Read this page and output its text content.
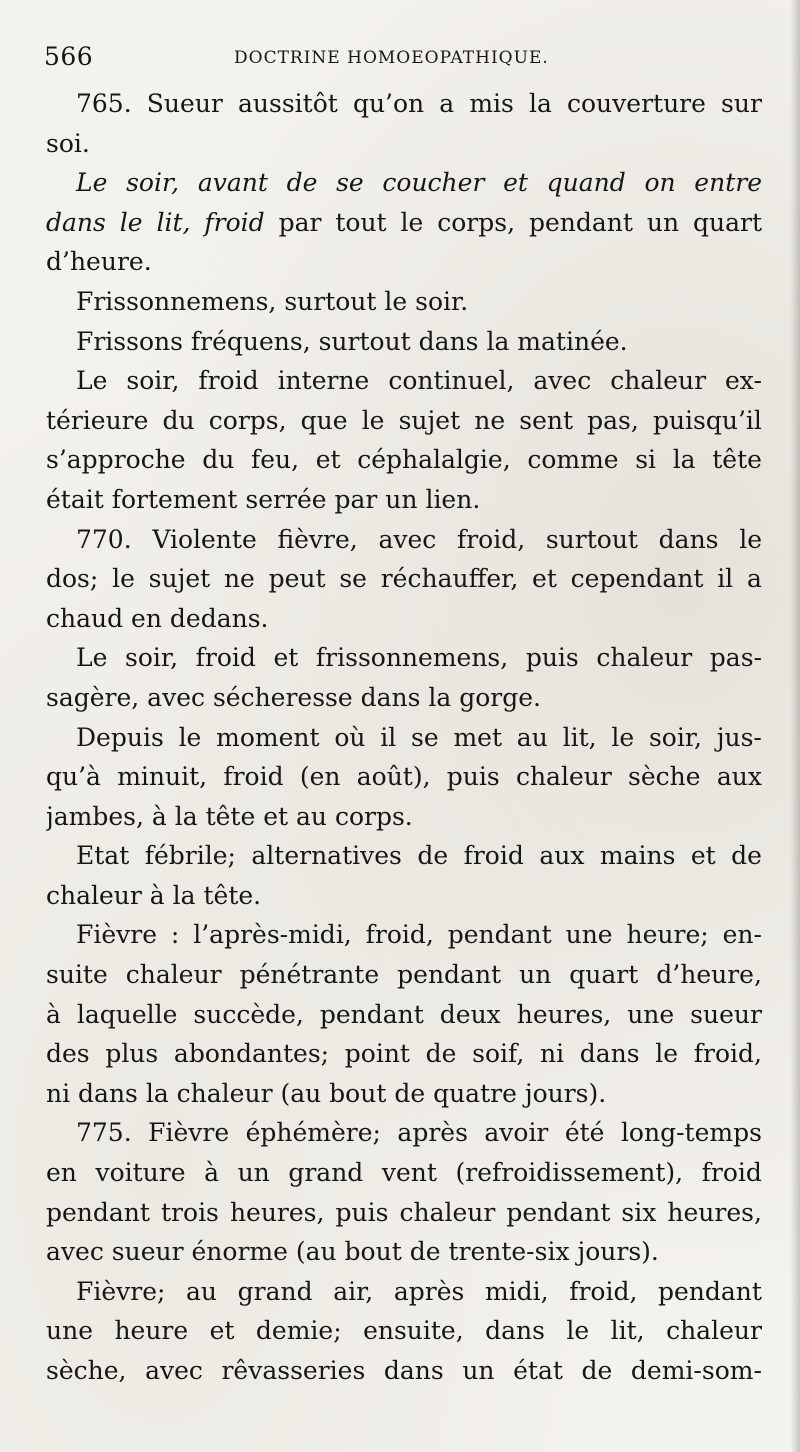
566	DOCTRINE HOMOEOPATHIQUE.
765. Sueur aussitôt qu’on a mis la couverture sur
soi.
Le soir, avant de se coucher et quand on entre
dans le lit, froid par tout le corps, pendant un quart
d’heure.
Frissonnemens, surtout le soir.
Frissons fréquens, surtout dans la matinée.
Le soir, froid interne continuel, avec chaleur ex-
térieure du corps, que le sujet ne sent pas, puisqu’il
s’approche du feu, et céphalalgie, comme si la tête
était fortement serrée par un lien.
770. Violente fièvre, avec froid, surtout dans le
dos; le sujet ne peut se réchauffer, et cependant il a
chaud en dedans.
Le soir, froid et frissonnemens, puis chaleur pas-
sagère, avec sécheresse dans la gorge.
Depuis le moment où il se met au lit, le soir, jus-
qu’à minuit, froid (en août), puis chaleur sèche aux
jambes, à la tête et au corps.
Etat fébrile; alternatives de froid aux mains et de
chaleur à la tête.
Fièvre : l’après-midi, froid, pendant une heure; en-
suite chaleur pénétrante pendant un quart d’heure,
à laquelle succède, pendant deux heures, une sueur
des plus abondantes; point de soif, ni dans le froid,
ni dans la chaleur (au bout de quatre jours).
775. Fièvre éphémère; après avoir été long-temps
en voiture à un grand vent (refroidissement), froid
pendant trois heures, puis chaleur pendant six heures,
avec sueur énorme (au bout de trente-six jours).
Fièvre; au grand air, après midi, froid, pendant
une heure et demie; ensuite, dans le lit, chaleur
sèche, avec rêvasseries dans un état de demi-som-
